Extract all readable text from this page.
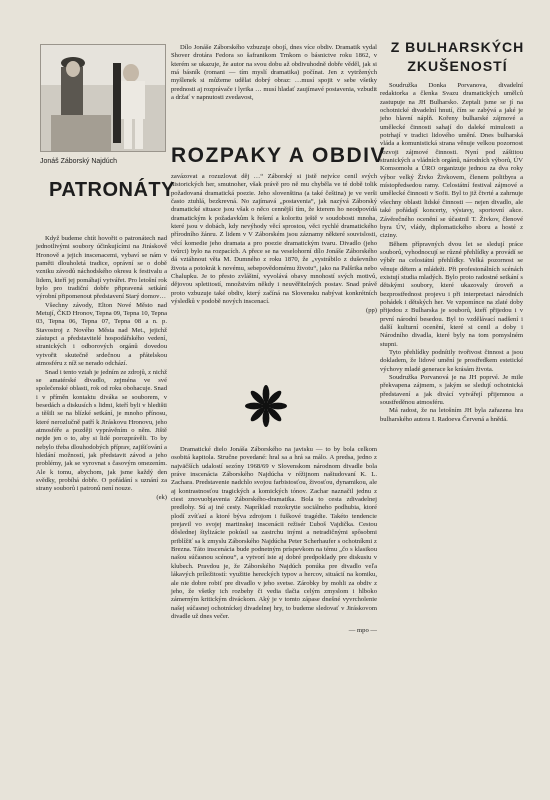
Jonáš Záborský Najdúch
PATRONÁTY

Když budeme chtít hovořit o patronátech nad jednotlivými soubory účinkujícími na Jiráskově Hronově a jejich inscenacemi, vybaví se nám v paměti dlouholetá tradice, oprávní se o době vzniku závodů náchodského okresu k festivalu a lidem, kteří jej pomáhají vytvářet. Pro letošní rok bylo pro tradiční dobře připravená setkání výrobní připomenout představení Starý domov…

Všechny závody, Elton Nové Město nad Metují, ČKD Hronov, Tepna 09, Tepna 10, Tepna 03, Tepna 06, Tepna 07, Tepna 08 a n. p. Stavostroj z Nového Města nad Met., jejichž zástupci a představitelé hospodářského vedení, stranických i odborových orgánů dovedou vytvořit skutečně srdečnou a přátelskou atmosféru z níž se nerado odchází.

Snad i tento vztah je jedním ze zdrojů, z nichž se amatérské divadlo, zejména ve své společenské oblasti, rok od roku obohacuje. Snad i v příměn kontaktu diváka se souborem, v besedách a diskusích s lidmi, kteří byli v hledišti a těšili se na blízké setkání, je mnoho přínosu, které nerozlučně patří k Jiráskovu Hronovu, jeho atmosféře a později vyprávěním o něm. Jiště nejde jen o to, aby si lidé porozprávěli. To by nebylo třeba dlouhodobých příprav, zajišťování a hledání možností, jak představit závod a jeho problémy, jak se vyrovnat s časovým omezením. Ale k tomu, abychom, jak jsme každý den svědky, probíhá dobře. O pořádání s uznání za strany souborů i patronů není nouze.

(ek)

Dílo Jonáše Záborského vzbuzuje obojí, dnes více obdiv. Dramatik vydal Shover drotára Fedora so šafranikom Trnkom o básnictve roku 1862, v kterém se ukazuje, že autor na svou dobu až obdivuhodně dobře věděl, jak si má básník (romani — tím myslí dramatika) počínat. Jen z vytržených myšlenek si můžeme udělat dobrý obraz: …musí spojit v sebe všetky prednosti aj rozprávače i lyrika … musí hladať zaujímavé postavenia, vzbudit a držať v napnutosti zvedavost,

ROZPAKY A OBDIV

zavázovat a rozuzlovat děj …“ Záborský si jistě nejvíce cenil svých historických her, smutnoher, však právě pro ně mu chyběla ve té době tolik požadovaná dramatická poezie. Jeho slovenština (a také čeština) je ve verši často ztuhlá, bezkrevná. No zajímavá „postavenia“, jak nazývá Záborský dramatické situace jsou však o něco cennější tím, že kterem ho neodpovídá dramatickým k požadavkům k řešení a koloritu ještě v soudobosti mnoha, které jsou v dobách, kdy nevýhody věcí sprostou, věci rychlé dramatického přírodního žánru. Z lidem v V Záborském jsou záznamy některé souvislosti, věcí komedie jeho dramata a pro poezie dramatickým tvaru. Divadlo (jeho tvůrci) bylo na rozpacích. A přece se na veselohorní dílo Jonáše Záborského dá vztáhnout věta M. Dumného z roku 1870, že „vystrábilo z duševního života a potokrát k novému, sebepovědomému životu“, jako na Palšrika nebo Chalupku. Je to přesto zvláštní, vyvolává obavy mnohostí svých motivů, dějovou spletitostí, množstvím někdy i neuvěřitelných postav. Snad právě proto vzbuzuje také obdiv, který začíná na Slovensku nabývat konkrétních výsledků v podobě nových inscenací.

(pp)

Dramatické dielo Jonáša Záborského na javisku — to by bola celkom osobitá kapitola. Stručne povedané: hral sa a hrá sa málo. A predsa, jedno z najväčších udalostí sezóny 1968/69 v Slovenskom národnom divadle bola práve inscenácia Záborského Najdúcha v réžijnom naštudovaní K. L. Zachara. Predstavenie nadchlo svojou farbistosťou, živosťou, dynamikou, ale aj kontrastnosťou tragických a komických tónov. Zachar naznačil jednu z ciest znovuobjavenia Záborského-dramatika. Bola to cesta zdivadelnej predlohy. Sú aj iné cesty. Napríklad rozokrytie sociálneho podhubia, ktoré plodí zvíťazí a ktoré býva zdrojom i fuškové tragédie. Takéto tendencie prejavil vo svojej martinskej inscenácii režisér Ľuboš Vajdička. Cestou dôslednej štylizácie pokúsil sa zastrchu inými a netradičnými spôsobmi priblížiť sa k zmyslu Záborského Najdúcha Peter Scherhaufer s ochotníkmi z Brezna. Táto inscenácia bude podnetným príspevkom na tému „čo s klasikou našou súčasnou scénou“, a vytvorí iste aj dobré predpoklady pre diskusiu v klubech. Pravdou je, že Záborského Najdúch ponúka pre divadlo veľa lákavých príležitostí: využitie hereckých typov a hercov, situácií na komiku, ale nie dobre robiť pre divadlo v jeho svetse. Zárobky by mohli za obdiv z jeho, že všetky ich rozbehy či vedia tlačia celým zmyslom i hlboko zámerným kritickým diváckom. Aký je v tomto zápase dnešné vyvrcholenie našej súčasnej ochotníckej divadelnej hry, to budeme sledovať v Jiráskovom divadle už dnes večer.

— mpo —
Z BULHARSKÝCH
ZKUŠENOSTÍ

Soudružka Donka Porvanova, divadelní redaktorka a členka Svazu dramatických umělců zastupuje na JH Bulharsko. Zeptali jsme se jí na ochotnické divadelní hnutí, čím se zabývá a jaké je jeho hlavní náplň. Kořeny bulharské zájmové a umělecké činnosti sahají do daleké minulosti a potrhají v tradici lidového umění. Dnes bulharská vláda a komunistická strana věnuje velkou pozornost rozvoji zájmové činnosti. Nyní pod záštitou stranických a vládních orgánů, národních výborů, ÚV Komsomolu a ÚRO organizuje jednou za dva roky výbor velký Živko Živkovem, členem politbyra a místopředsedou ramy. Celostátní festival zájmové a umělecké činnosti v Sofii. Byl to již čtvrté a zahrnuje všechny oblasti lidské činnosti — nejen divadlo, ale také pořádají koncerty, výstavy, sportovní akce. Závěrečného ocenění se účastnil T. Živkov, členové byra ÚV, vlády, diplomatického sboru a hosté z ciziny.

Během přípravných dvou let se sledují práce souborů, vyhodnocují se různé přehlídky a provádí se výběr na celostátní přehlídky. Velká pozornost se věnuje dětem a mládeži. Při profesionálních scénách existují studia mladých. Bylo proto radostné setkání s dětskými soubory, které ukazovaly úroveň a bezprostřednost projevu i při interpretaci národních pohádek i dětských her. Ve vzpomínce na zlaté doby přijedou z Bulharska je souborů, kteří přijedou i v první národní besedou. Byl to vzdělávací nadšení i další kulturní ocenění, které si cenil a doby i Národního divadla, které byly na tom pomyslném stupni.

Tyto přehlídky podnítily tvořivost činnost a jsou dokladem, že lidové umění je prostředkem estetické výchovy mladé generace ke krásám života.

Soudružka Porvanová je na JH poprvé. Je mile překvapena zájmem, s jakým se sledují ochotnická představení a jak divácí vytvářejí přijemnou a soustředěnou atmosféru.

Má radost, že na letošním JH byla zařazena hra bulharského autora I. Radoeva Červená a hnědá.
